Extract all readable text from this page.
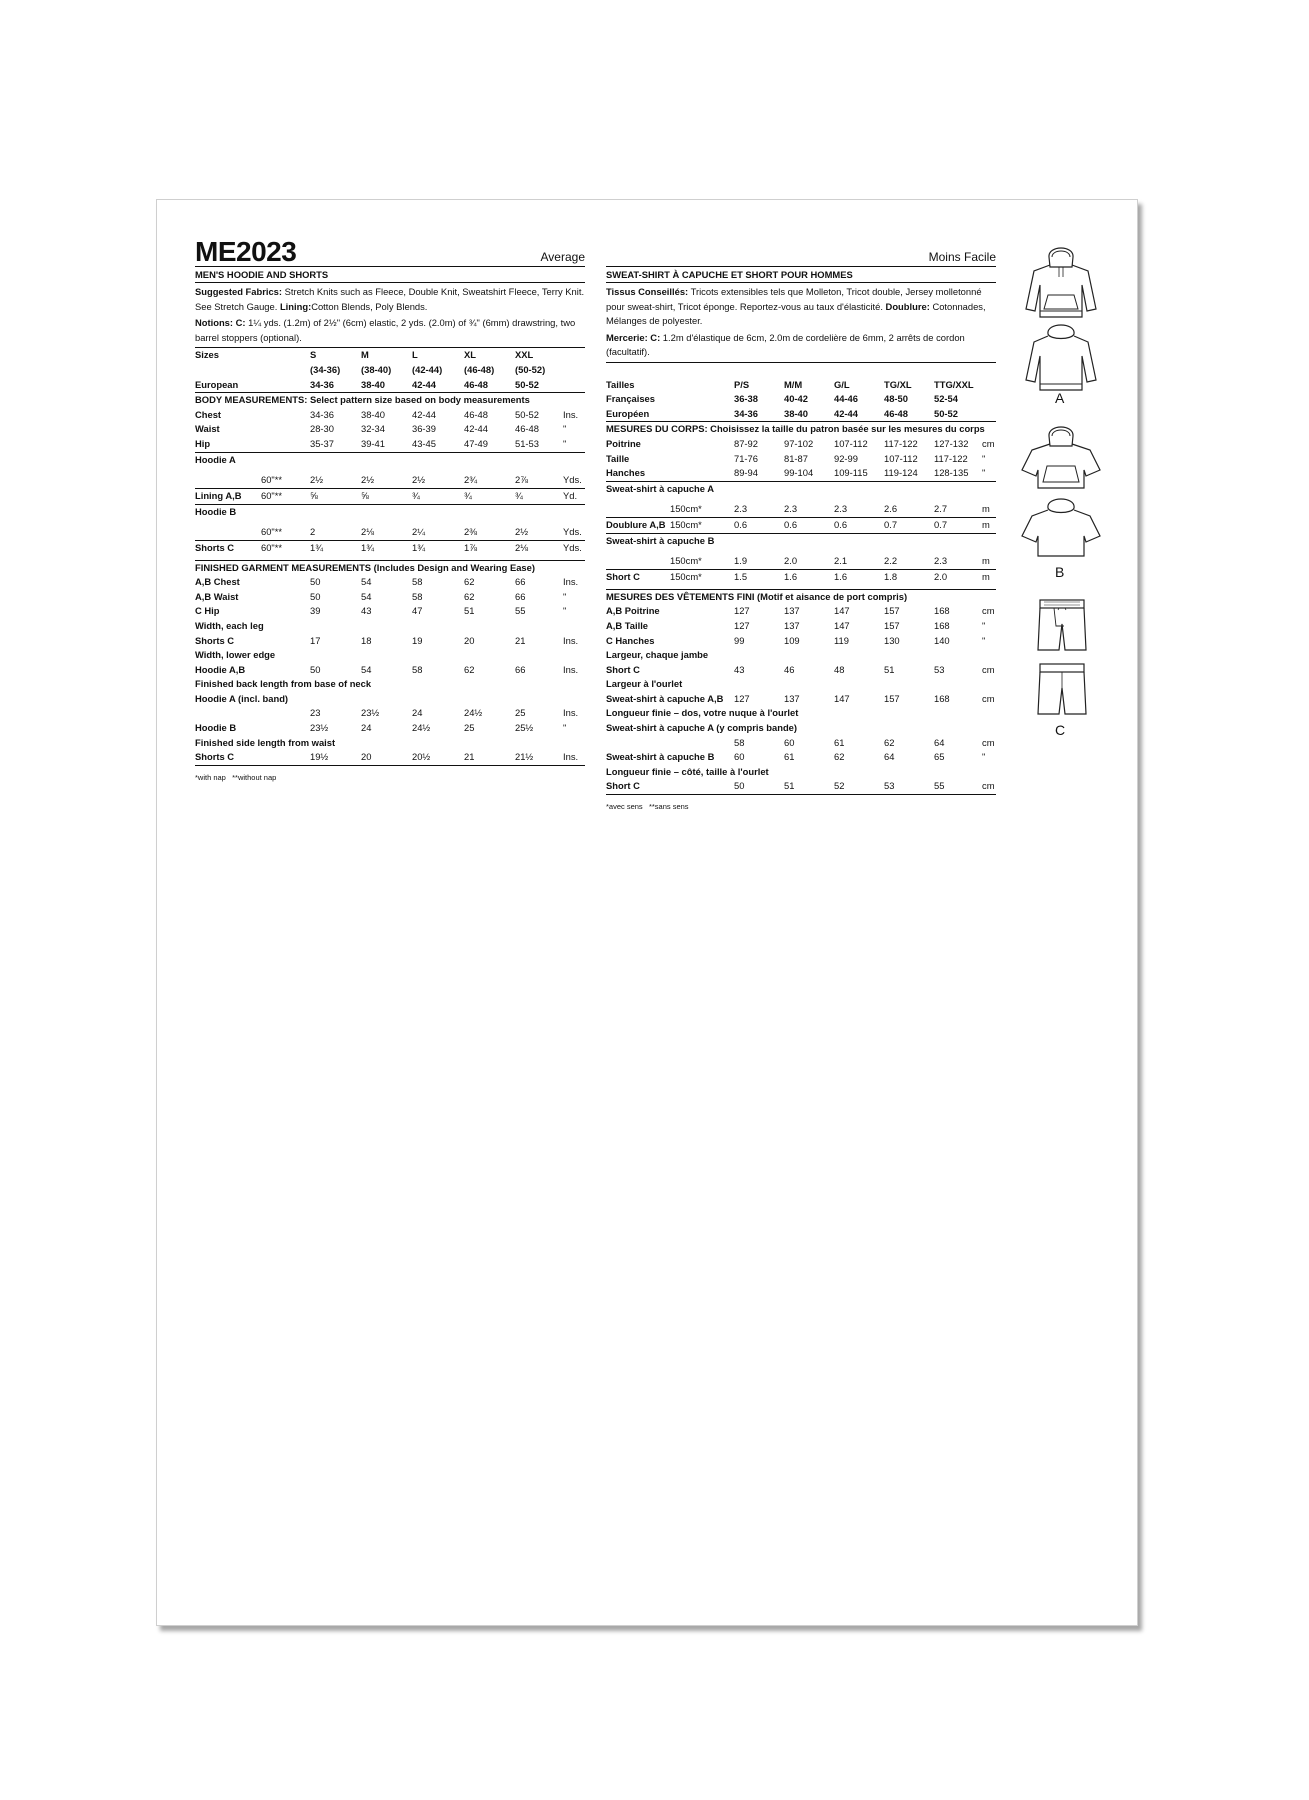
ME2023	Average
MEN'S HOODIE AND SHORTS
Suggested Fabrics: Stretch Knits such as Fleece, Double Knit, Sweatshirt Fleece, Terry Knit. See Stretch Gauge. Lining:Cotton Blends, Poly Blends.
Notions: C: 1¼ yds. (1.2m) of 2½" (6cm) elastic, 2 yds. (2.0m) of ¾" (6mm) drawstring, two barrel stoppers (optional).
Sizes	S	M	L	XL	XXL
(34-36) (38-40) (42-44) (46-48) (50-52)
European	34-36	38-40	42-44	46-48	50-52
BODY MEASUREMENTS: Select pattern size based on body measurements
Chest	34-36	38-40	42-44	46-48	50-52	Ins.
Waist	28-30	32-34	36-39	42-44	46-48	"
Hip	35-37	39-41	43-45	47-49	51-53	"
Hoodie A
60"**	2½	2½	2½	2¾	2⅞	Yds.
Lining A,B 60"**	⅝	⅝	¾	¾	¾	Yd.
Hoodie B
60"**	2	2⅛	2¼	2⅜	2½	Yds.
Shorts C	60"**	1¾	1¾	1¾	1⅞	2⅛	Yds.
FINISHED GARMENT MEASUREMENTS (Includes Design and Wearing Ease)
A,B Chest	50	54	58	62	66	Ins.
A,B Waist	50	54	58	62	66	"
C Hip	39	43	47	51	55	"
Width, each leg
Shorts C	17	18	19	20	21	Ins.
Width, lower edge
Hoodie A,B	50	54	58	62	66	Ins.
Finished back length from base of neck
Hoodie A (incl. band)
23	23½	24	24½	25	Ins.
Hoodie B	23½	24	24½	25	25½	"
Finished side length from waist
Shorts C	19½	20	20½	21	21½	Ins.
*with nap   **without nap
Moins Facile
SWEAT-SHIRT À CAPUCHE ET SHORT POUR HOMMES
Tissus Conseillés: Tricots extensibles tels que Molleton, Tricot double, Jersey molletonné pour sweat-shirt, Tricot éponge. Reportez-vous au taux d'élasticité. Doublure: Cotonnades, Mélanges de polyester.
Mercerie: C: 1.2m d'élastique de 6cm, 2.0m de cordelière de 6mm, 2 arrêts de cordon (facultatif).
Tailles	P/S	M/M	G/L	TG/XL TTG/XXL
Françaises	36-38	40-42	44-46	48-50	52-54
Européen	34-36	38-40	42-44	46-48	50-52
MESURES DU CORPS: Choisissez la taille du patron basée sur les mesures du corps
Poitrine	87-92	97-102 107-112 117-122 127-132 cm
Taille	71-76	81-87	92-99	107-112 117-122 "
Hanches	89-94	99-104 109-115 119-124 128-135 "
Sweat-shirt à capuche A
150cm*	2.3	2.3	2.3	2.6	2.7	m
Doublure A,B 150cm*	0.6	0.6	0.6	0.7	0.7	m
Sweat-shirt à capuche B
150cm*	1.9	2.0	2.1	2.2	2.3	m
Short C	150cm*	1.5	1.6	1.6	1.8	2.0	m
MESURES DES VÊTEMENTS FINI (Motif et aisance de port compris)
A,B Poitrine	127	137	147	157	168	cm
A,B Taille	127	137	147	157	168	"
C Hanches	99	109	119	130	140	"
Largeur, chaque jambe
Short C	43	46	48	51	53	cm
Largeur à l'ourlet
Sweat-shirt à capuche A,B 127	137	147	157	168	cm
Longueur finie – dos, votre nuque à l'ourlet
Sweat-shirt à capuche A (y compris bande)
58	60	61	62	64	cm
Sweat-shirt à capuche B 60	61	62	64	65	"
Longueur finie – côté, taille à l'ourlet
Short C	50	51	52	53	55	cm
*avec sens   **sans sens
A
B
C
